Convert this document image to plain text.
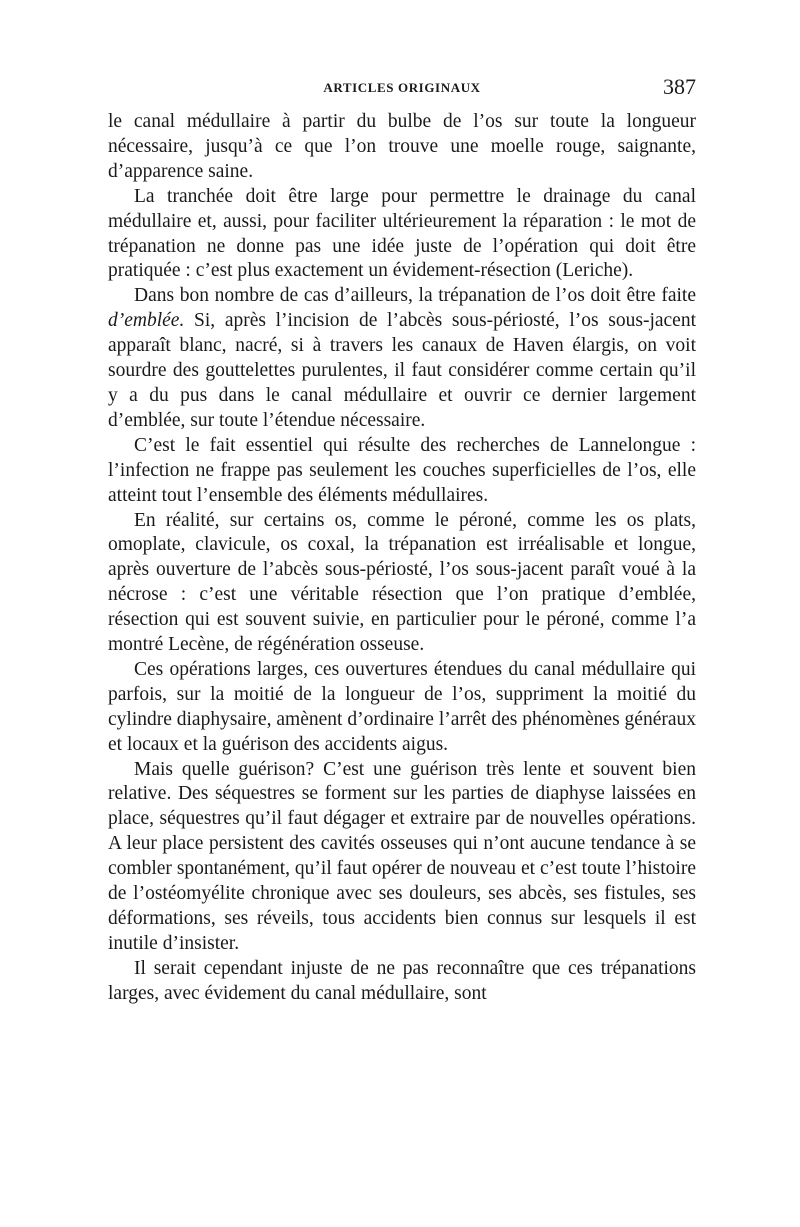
ARTICLES ORIGINAUX	387

le canal médullaire à partir du bulbe de l’os sur toute la longueur nécessaire, jusqu’à ce que l’on trouve une moelle rouge, saignante, d’apparence saine.

La tranchée doit être large pour permettre le drainage du canal médullaire et, aussi, pour faciliter ultérieurement la réparation : le mot de trépanation ne donne pas une idée juste de l’opération qui doit être pratiquée : c’est plus exactement un évidement-résection (Leriche).

Dans bon nombre de cas d’ailleurs, la trépanation de l’os doit être faite d’emblée. Si, après l’incision de l’abcès sous-périosté, l’os sous-jacent apparaît blanc, nacré, si à travers les canaux de Haven élargis, on voit sourdre des gouttelettes purulentes, il faut considérer comme certain qu’il y a du pus dans le canal médullaire et ouvrir ce dernier largement d’emblée, sur toute l’étendue nécessaire.

C’est le fait essentiel qui résulte des recherches de Lannelongue : l’infection ne frappe pas seulement les couches superficielles de l’os, elle atteint tout l’ensemble des éléments médullaires.

En réalité, sur certains os, comme le péroné, comme les os plats, omoplate, clavicule, os coxal, la trépanation est irréalisable et longue, après ouverture de l’abcès sous-périosté, l’os sous-jacent paraît voué à la nécrose : c’est une véritable résection que l’on pratique d’emblée, résection qui est souvent suivie, en particulier pour le péroné, comme l’a montré Lecène, de régénération osseuse.

Ces opérations larges, ces ouvertures étendues du canal médullaire qui parfois, sur la moitié de la longueur de l’os, suppriment la moitié du cylindre diaphysaire, amènent d’ordinaire l’arrêt des phénomènes généraux et locaux et la guérison des accidents aigus.

Mais quelle guérison? C’est une guérison très lente et souvent bien relative. Des séquestres se forment sur les parties de diaphyse laissées en place, séquestres qu’il faut dégager et extraire par de nouvelles opérations. A leur place persistent des cavités osseuses qui n’ont aucune tendance à se combler spontanément, qu’il faut opérer de nouveau et c’est toute l’histoire de l’ostéomyélite chronique avec ses douleurs, ses abcès, ses fistules, ses déformations, ses réveils, tous accidents bien connus sur lesquels il est inutile d’insister.

Il serait cependant injuste de ne pas reconnaître que ces trépanations larges, avec évidement du canal médullaire, sont
